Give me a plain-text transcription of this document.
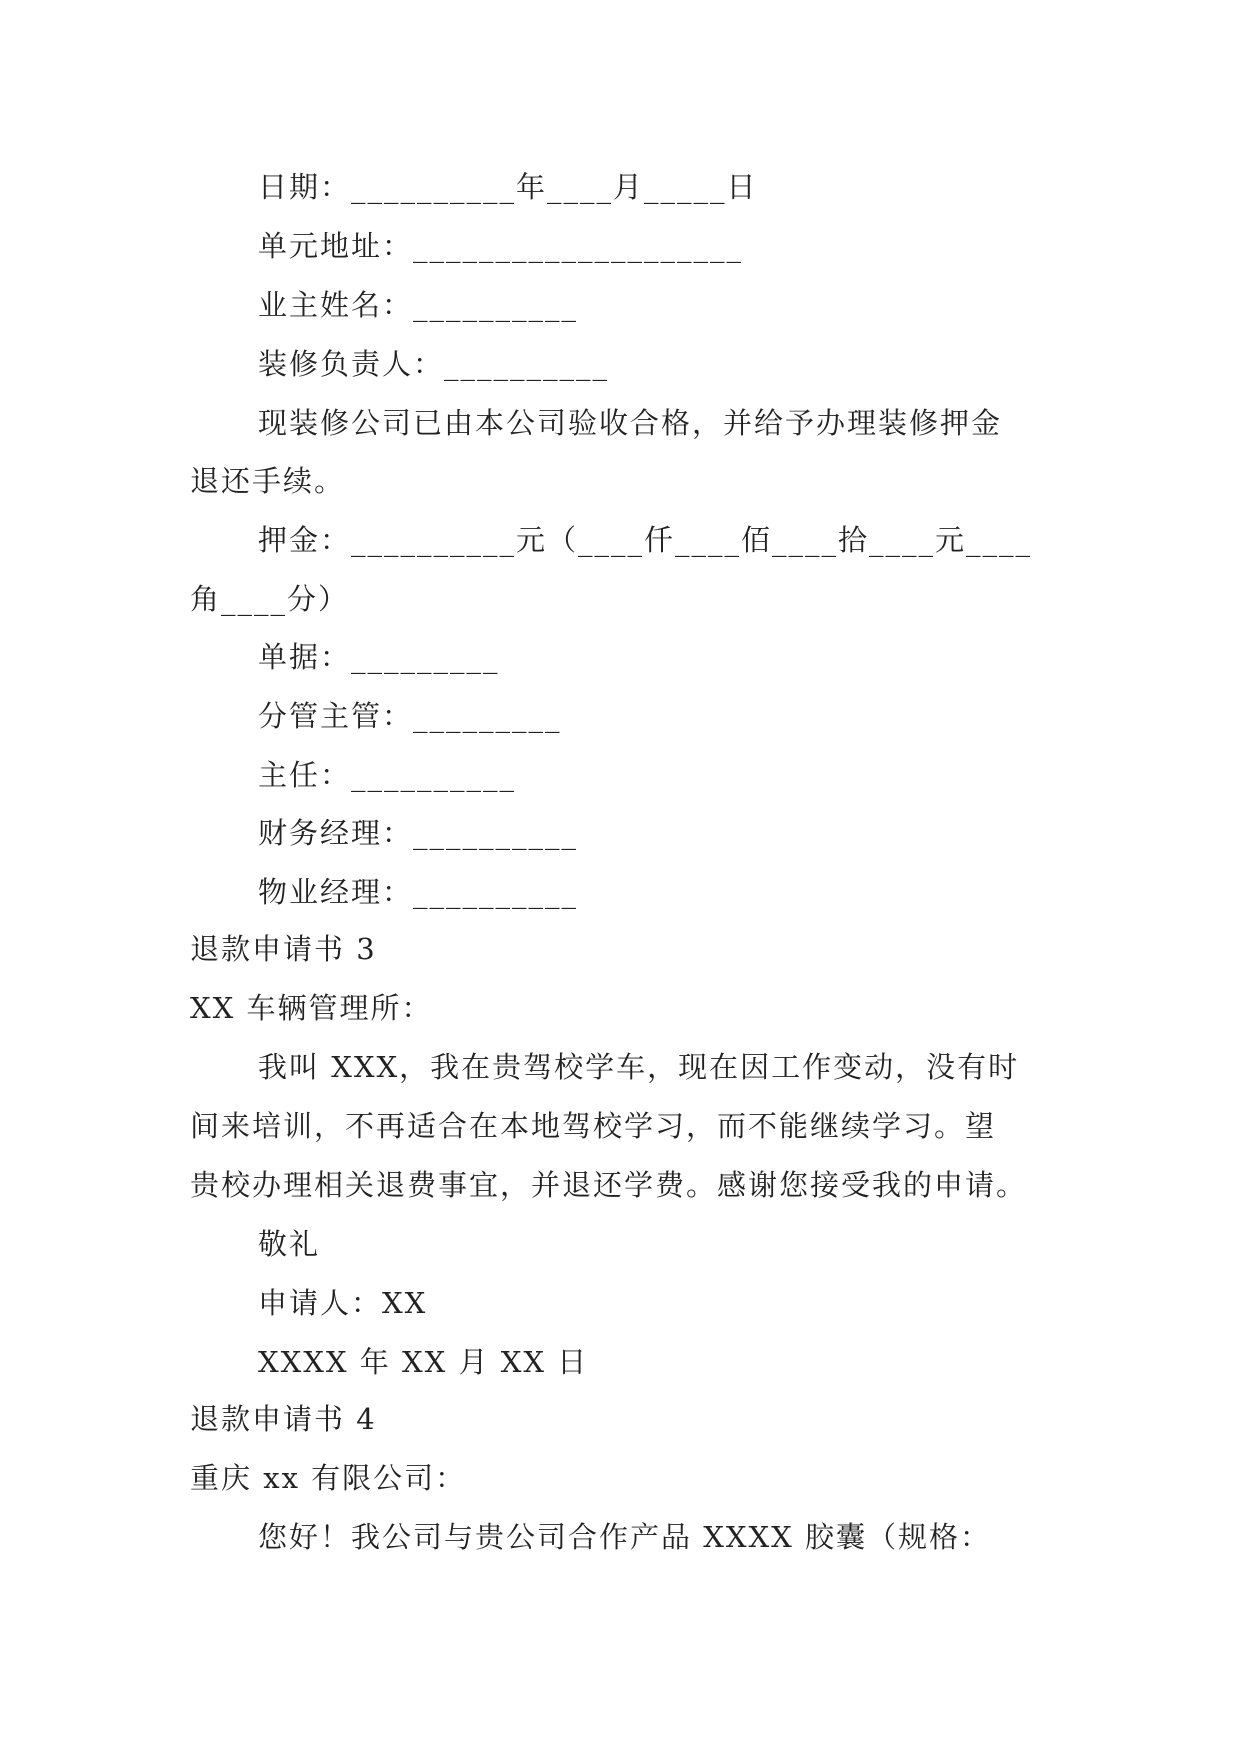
日期：__________年____月_____日
单元地址：____________________
业主姓名：__________
装修负责人：__________
现装修公司已由本公司验收合格，并给予办理装修押金
退还手续。
押金：__________元（____仟____佰____拾____元____
角____分）
单据：_________
分管主管：_________
主任：__________
财务经理：__________
物业经理：__________
退款申请书 3
XX 车辆管理所：
我叫 XXX，我在贵驾校学车，现在因工作变动，没有时
间来培训，不再适合在本地驾校学习，而不能继续学习。望
贵校办理相关退费事宜，并退还学费。感谢您接受我的申请。
敬礼
申请人：XX
XXXX 年 XX 月 XX 日
退款申请书 4
重庆 xx 有限公司：
您好！我公司与贵公司合作产品 XXXX 胶囊（规格：
